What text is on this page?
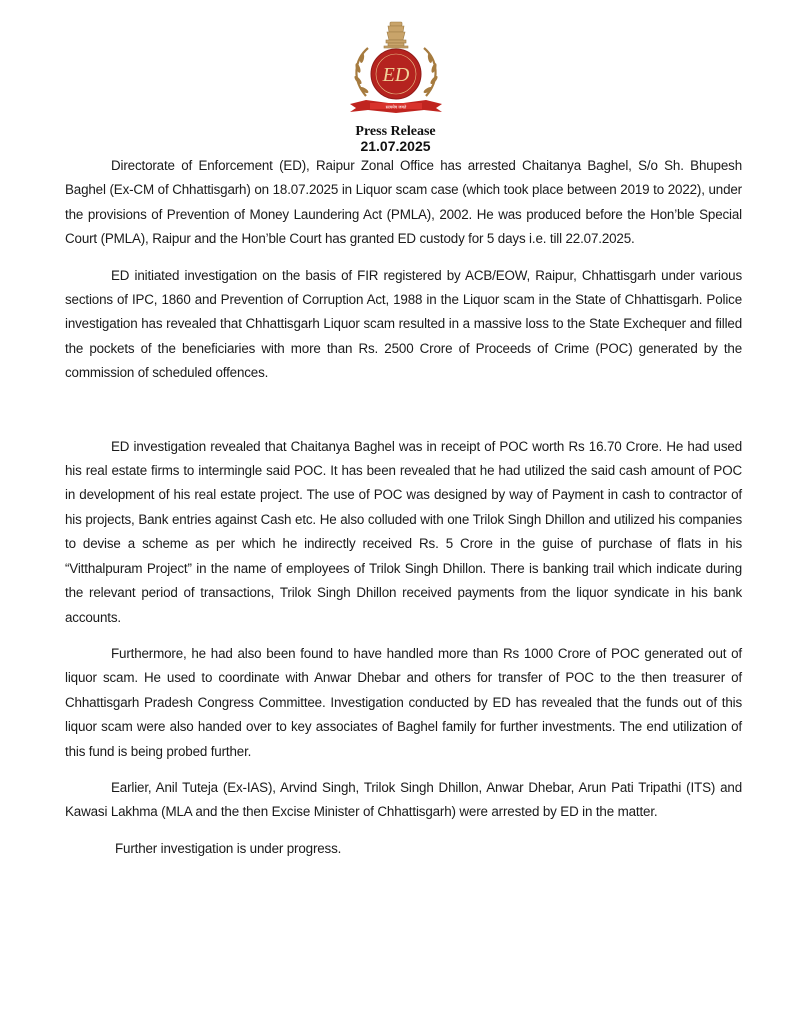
ED
सत्यमेव जयते
Press Release
21.07.2025

Directorate of Enforcement (ED), Raipur Zonal Office has arrested Chaitanya Baghel, S/o Sh. Bhupesh Baghel (Ex-CM of Chhattisgarh) on 18.07.2025 in Liquor scam case (which took place between 2019 to 2022), under the provisions of Prevention of Money Laundering Act (PMLA), 2002. He was produced before the Hon’ble Special Court (PMLA), Raipur and the Hon’ble Court has granted ED custody for 5 days i.e. till 22.07.2025.

ED initiated investigation on the basis of FIR registered by ACB/EOW, Raipur, Chhattisgarh under various sections of IPC, 1860 and Prevention of Corruption Act, 1988 in the Liquor scam in the State of Chhattisgarh. Police investigation has revealed that Chhattisgarh Liquor scam resulted in a massive loss to the State Exchequer and filled the pockets of the beneficiaries with more than Rs. 2500 Crore of Proceeds of Crime (POC) generated by the commission of scheduled offences.

ED investigation revealed that Chaitanya Baghel was in receipt of POC worth Rs 16.70 Crore. He had used his real estate firms to intermingle said POC. It has been revealed that he had utilized the said cash amount of POC in development of his real estate project. The use of POC was designed by way of Payment in cash to contractor of his projects, Bank entries against Cash etc. He also colluded with one Trilok Singh Dhillon and utilized his companies to devise a scheme as per which he indirectly received Rs. 5 Crore in the guise of purchase of flats in his “Vitthalpuram Project” in the name of employees of Trilok Singh Dhillon. There is banking trail which indicate during the relevant period of transactions, Trilok Singh Dhillon received payments from the liquor syndicate in his bank accounts.

Furthermore, he had also been found to have handled more than Rs 1000 Crore of POC generated out of liquor scam. He used to coordinate with Anwar Dhebar and others for transfer of POC to the then treasurer of Chhattisgarh Pradesh Congress Committee. Investigation conducted by ED has revealed that the funds out of this liquor scam were also handed over to key associates of Baghel family for further investments. The end utilization of this fund is being probed further.

Earlier, Anil Tuteja (Ex-IAS), Arvind Singh, Trilok Singh Dhillon, Anwar Dhebar, Arun Pati Tripathi (ITS) and Kawasi Lakhma (MLA and the then Excise Minister of Chhattisgarh) were arrested by ED in the matter.

Further investigation is under progress.
